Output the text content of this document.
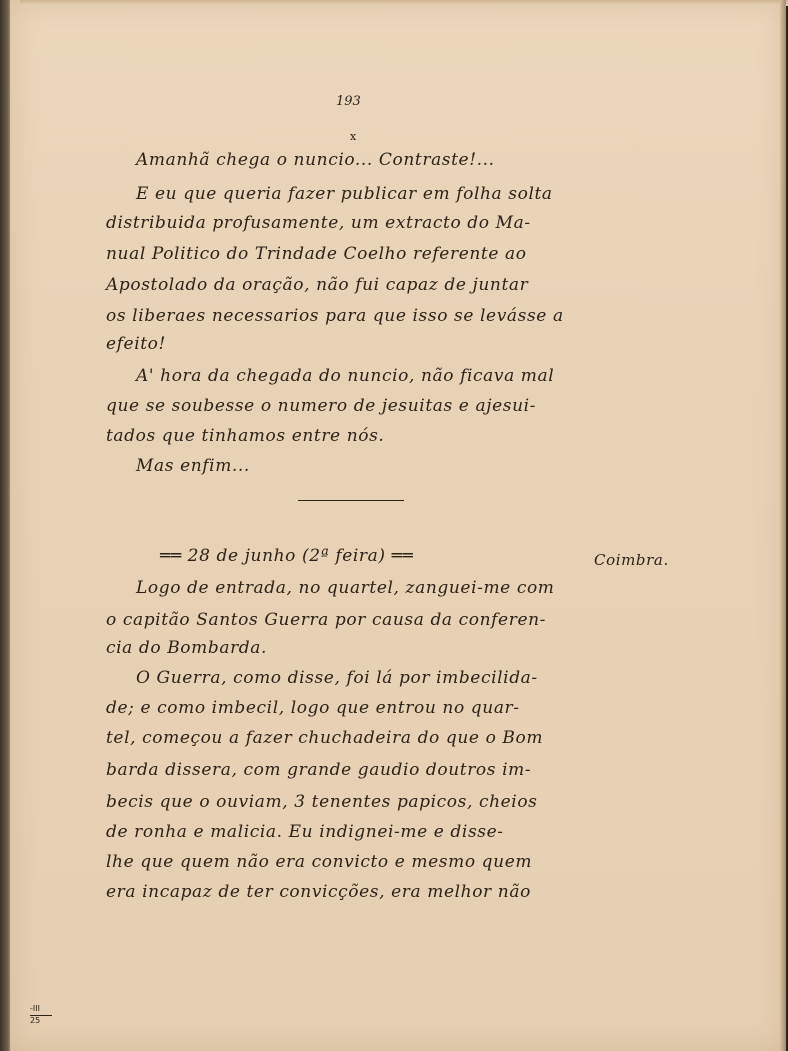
193
x
Amanhã chega o nuncio... Contraste!...
E eu que queria fazer publicar em folha solta
distribuida profusamente, um extracto do Ma-
nual Politico do Trindade Coelho referente ao
Apostolado da oração, não fui capaz de juntar
os liberaes necessarios para que isso se levásse a
efeito!
A' hora da chegada do nuncio, não ficava mal
que se soubesse o numero de jesuitas e ajesui-
tados que tinhamos entre nós.
Mas enfim...
══ 28 de junho (2ª feira) ══	Coimbra.
Logo de entrada, no quartel, zanguei-me com
o capitão Santos Guerra por causa da conferen-
cia do Bombarda.
O Guerra, como disse, foi lá por imbecilida-
de; e como imbecil, logo que entrou no quar-
tel, começou a fazer chuchadeira do que o Bom
barda dissera, com grande gaudio doutros im-
becis que o ouviam, 3 tenentes papicos, cheios
de ronha e malicia. Eu indignei-me e disse-
lhe que quem não era convicto e mesmo quem
era incapaz de ter convicções, era melhor não
-III
25
